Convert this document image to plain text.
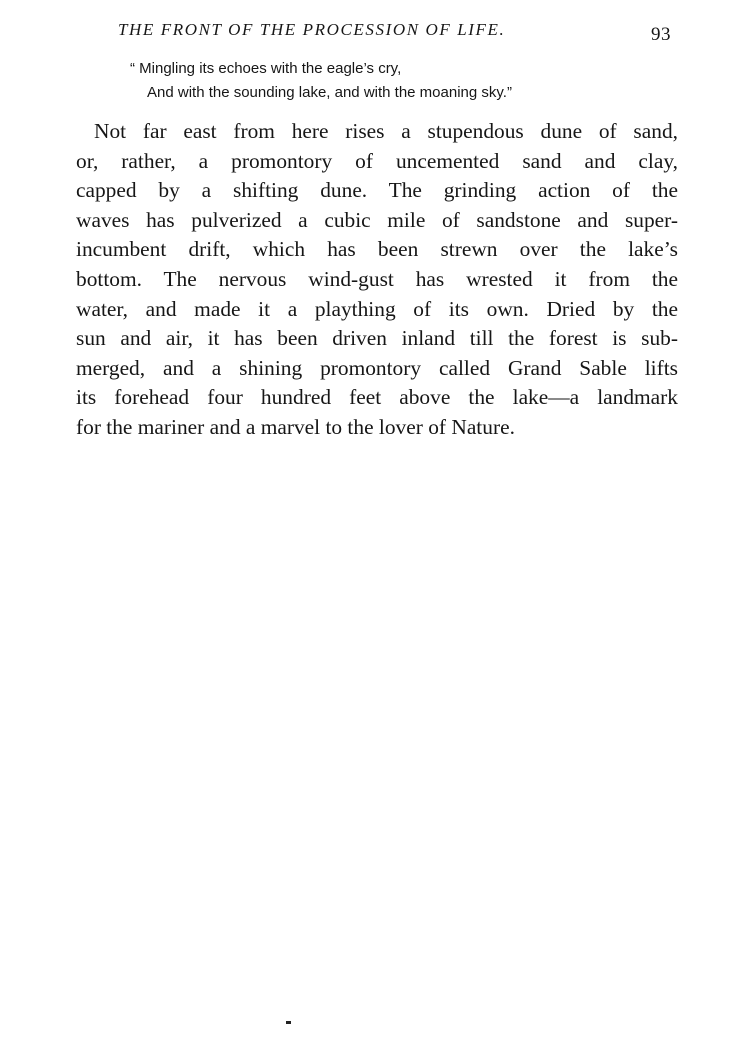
THE FRONT OF THE PROCESSION OF LIFE.	93
“ Mingling its echoes with the eagle’s cry,
And with the sounding lake, and with the moaning sky.”
Not far east from here rises a stupendous dune of sand,
or, rather, a promontory of uncemented sand and clay,
capped by a shifting dune. The grinding action of the
waves has pulverized a cubic mile of sandstone and super-
incumbent drift, which has been strewn over the lake’s
bottom. The nervous wind-gust has wrested it from the
water, and made it a plaything of its own. Dried by the
sun and air, it has been driven inland till the forest is sub-
merged, and a shining promontory called Grand Sable lifts
its forehead four hundred feet above the lake—a landmark
for the mariner and a marvel to the lover of Nature.
